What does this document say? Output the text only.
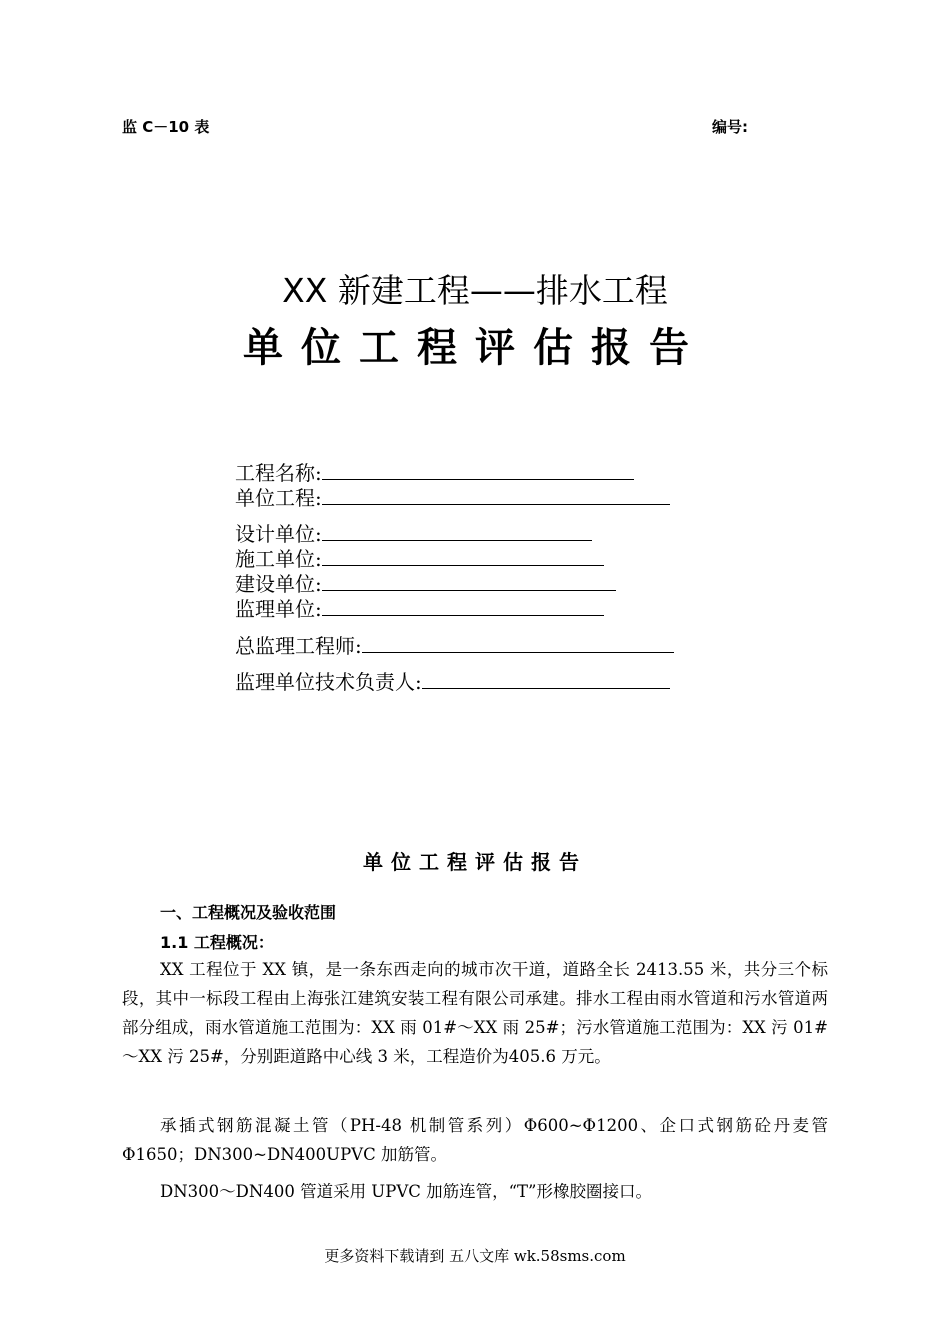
监 C－10 表	编号:
XX 新建工程——排水工程
单位工程评估报告
工程名称:
单位工程:
设计单位:
施工单位:
建设单位:
监理单位:
总监理工程师:
监理单位技术负责人:
单位工程评估报告
一、工程概况及验收范围
1.1 工程概况：
XX 工程位于 XX 镇，是一条东西走向的城市次干道，道路全长 2413.55 米，共分三个标段，其中一标段工程由上海张江建筑安装工程有限公司承建。排水工程由雨水管道和污水管道两部分组成，雨水管道施工范围为：XX 雨 01#～XX 雨 25#；污水管道施工范围为：XX 污 01#～XX 污 25#，分别距道路中心线 3 米，工程造价为405.6 万元。
承插式钢筋混凝土管（PH-48 机制管系列）Φ600~Φ1200、企口式钢筋砼丹麦管Φ1650；DN300~DN400UPVC 加筋管。
DN300～DN400 管道采用 UPVC 加筋连管，“T”形橡胶圈接口。
更多资料下载请到 五八文库 wk.58sms.com
